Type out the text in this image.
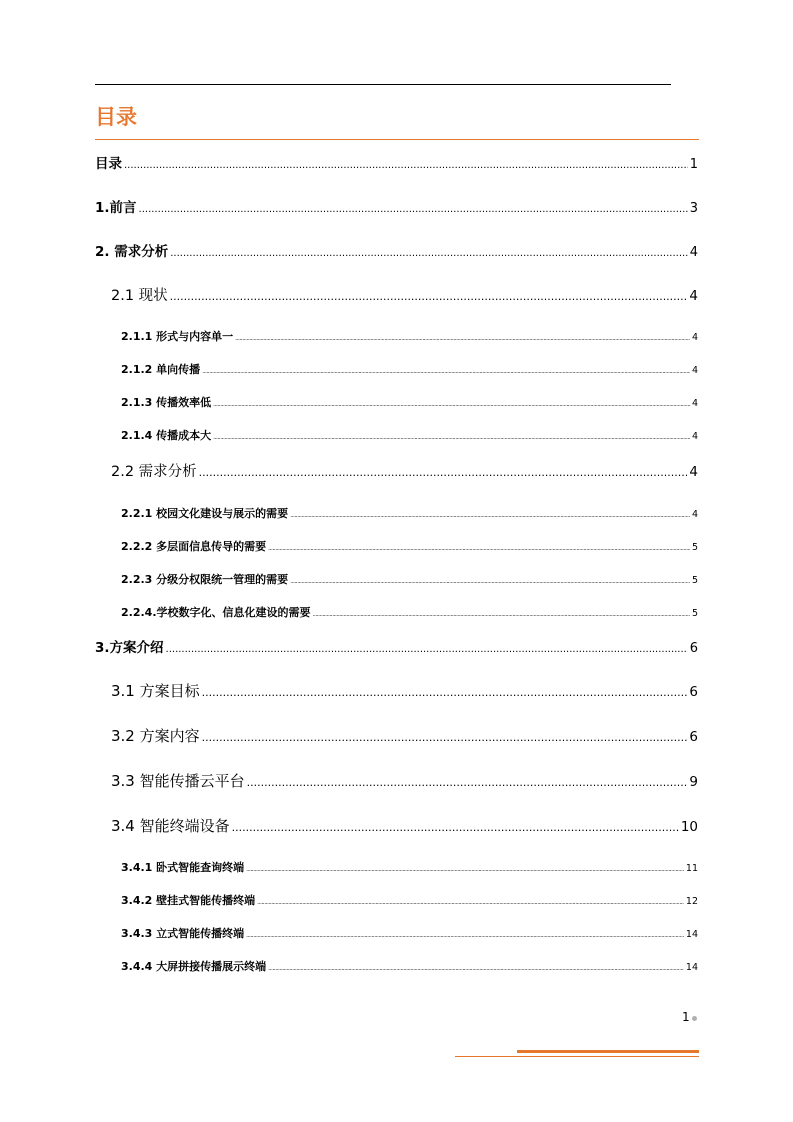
目录
目录 .....	1
1.前言 .....	3
2. 需求分析 .....	4
2.1 现状 .....	4
2.1.1 形式与内容单一 .....	4
2.1.2 单向传播 .....	4
2.1.3 传播效率低 .....	4
2.1.4 传播成本大 .....	4
2.2 需求分析 .....	4
2.2.1 校园文化建设与展示的需要 .....	4
2.2.2 多层面信息传导的需要 .....	5
2.2.3 分级分权限统一管理的需要 .....	5
2.2.4.学校数字化、信息化建设的需要 .....	5
3.方案介绍 .....	6
3.1 方案目标 .....	6
3.2 方案内容 .....	6
3.3 智能传播云平台 .....	9
3.4 智能终端设备 .....	10
3.4.1 卧式智能查询终端 .....	11
3.4.2 壁挂式智能传播终端 .....	12
3.4.3 立式智能传播终端 .....	14
3.4.4 大屏拼接传播展示终端 .....	14
1
